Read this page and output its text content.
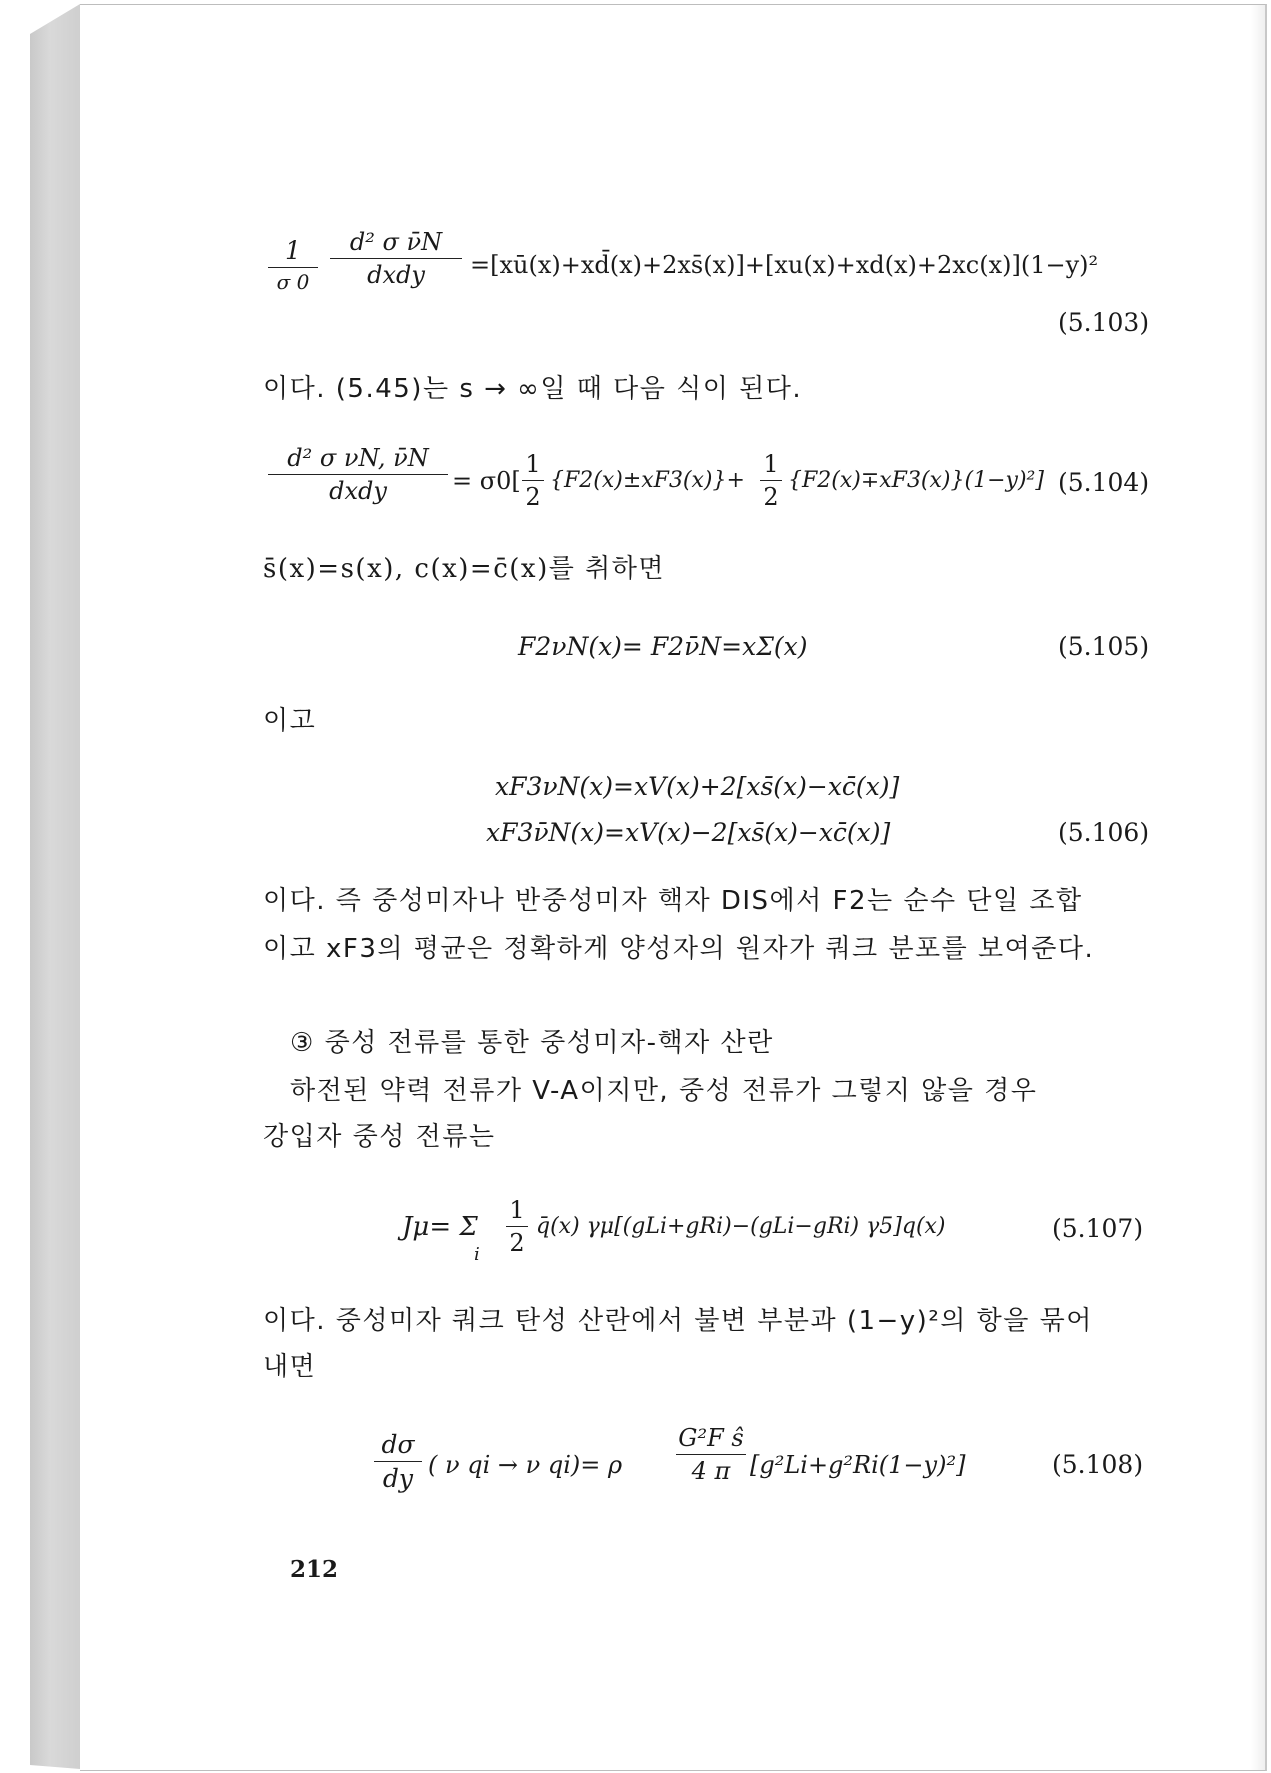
1
σ 0
d² σ ν̄N
dxdy	=[xū(x)+xd̄(x)+2xs̄(x)]+[xu(x)+xd(x)+2xc(x)](1−y)²
(5.103)
이다. (5.45)는 s → ∞일 때 다음 식이 된다.
d² σ νN, ν̄N
dxdy	= σ0[
1
2
{F2(x)±xF3(x)}+
1
2
{F2(x)∓xF3(x)}(1−y)²] (5.104)
s̄(x)=s(x), c(x)=c̄(x)를 취하면
F2νN(x)= F2ν̄N=xΣ(x)	(5.105)
이고
xF3νN(x)=xV(x)+2[xs̄(x)−xc̄(x)]
xF3ν̄N(x)=xV(x)−2[xs̄(x)−xc̄(x)]	(5.106)
이다. 즉 중성미자나 반중성미자 핵자 DIS에서 F2는 순수 단일 조합
이고 xF3의 평균은 정확하게 양성자의 원자가 쿼크 분포를 보여준다.
③ 중성 전류를 통한 중성미자-핵자 산란
하전된 약력 전류가 V-A이지만, 중성 전류가 그렇지 않을 경우
강입자 중성 전류는
Jμ= Σ
i
1
2
q̄(x) γμ[(gLi+gRi)−(gLi−gRi) γ5]q(x)	(5.107)
이다. 중성미자 쿼크 탄성 산란에서 불변 부분과 (1−y)²의 항을 묶어
내면
dσ
dy ( ν qi → ν qi)= ρ
G²F ŝ
4 π [g²Li+g²Ri(1−y)²]	(5.108)
212
